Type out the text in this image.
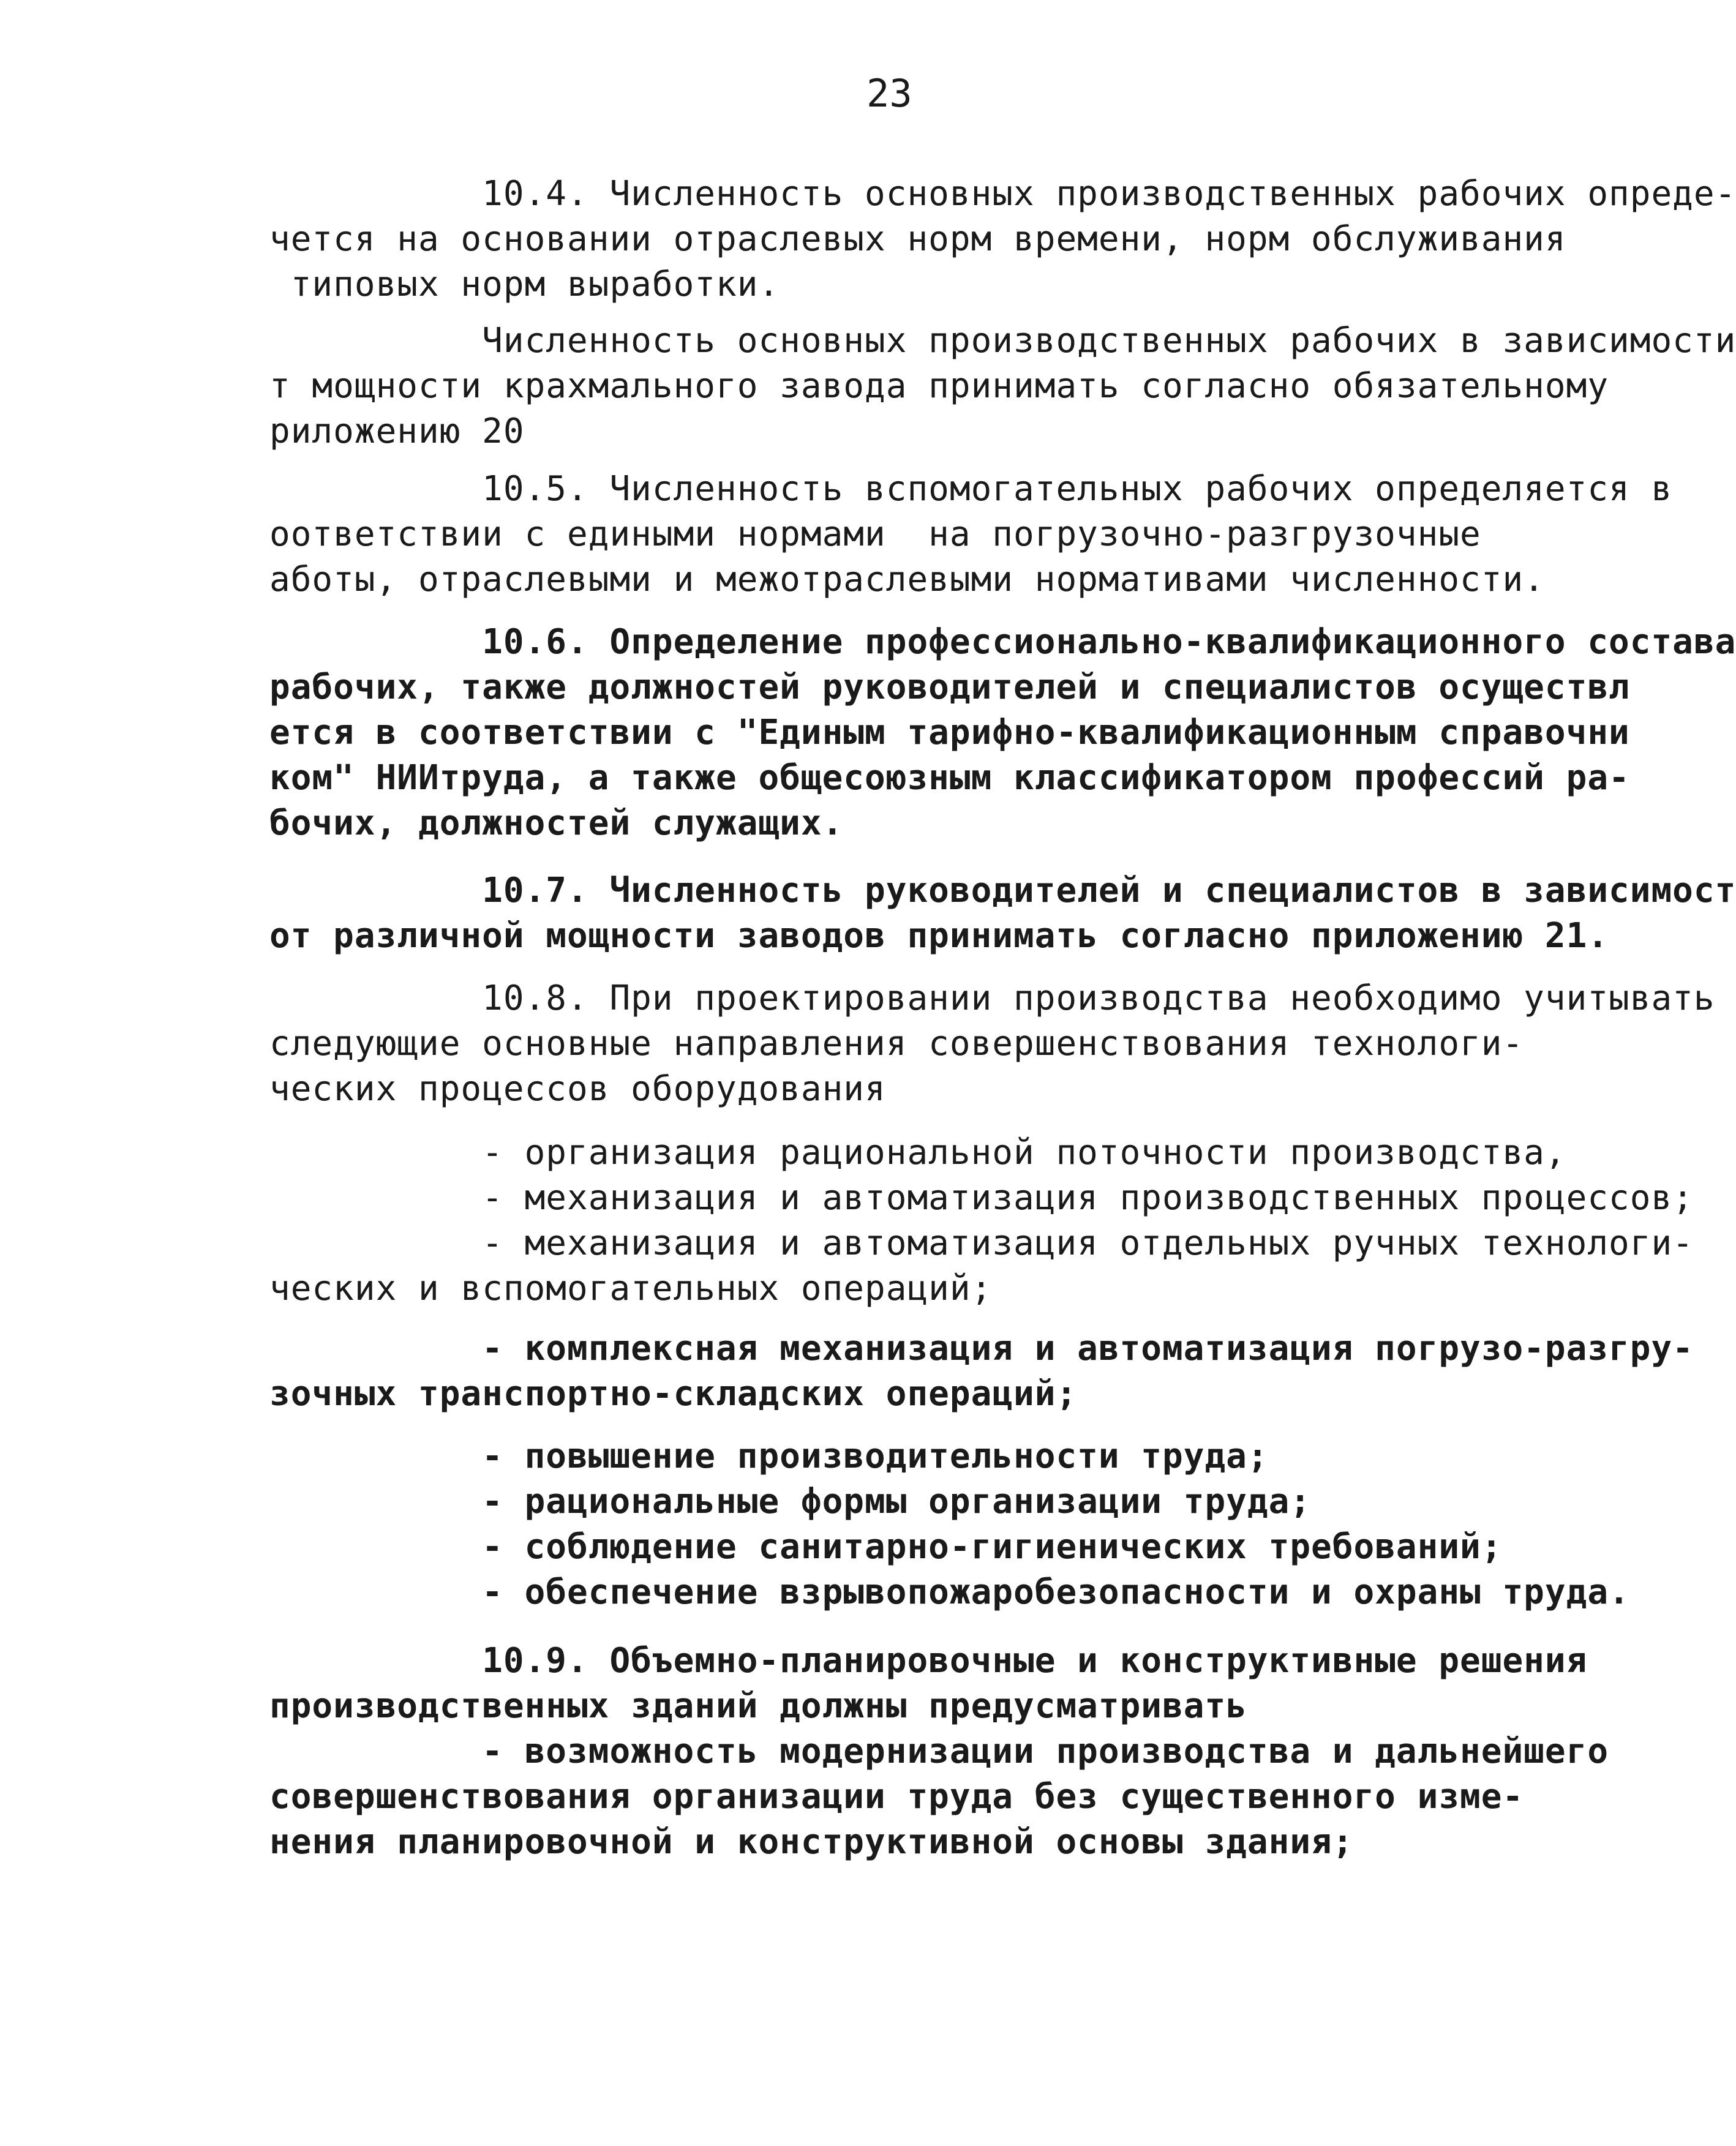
23

10.4. Численность основных производственных рабочих опреде-
чется на основании отраслевых норм времени, норм обслуживания
типовых норм выработки.

Численность основных производственных рабочих в зависимости
т мощности крахмального завода принимать согласно обязательному
риложению 20

10.5. Численность вспомогательных рабочих определяется в
оответствии с едиными нормами  на погрузочно-разгрузочные
аботы, отраслевыми и межотраслевыми нормативами численности.

10.6. Определение профессионально-квалификационного состава
рабочих, также должностей руководителей и специалистов осуществл
ется в соответствии с "Единым тарифно-квалификационным справочни
ком" НИИтруда, а также общесоюзным классификатором профессий ра-
бочих, должностей служащих.

10.7. Численность руководителей и специалистов в зависимост
от различной мощности заводов принимать согласно приложению 21.

10.8. При проектировании производства необходимо учитывать
следующие основные направления совершенствования технологи-
ческих процессов оборудования

- организация рациональной поточности производства,
- механизация и автоматизация производственных процессов;
- механизация и автоматизация отдельных ручных технологи-
ческих и вспомогательных операций;

- комплексная механизация и автоматизация погрузо-разгру-
зочных транспортно-складских операций;

- повышение производительности труда;
- рациональные формы организации труда;
- соблюдение санитарно-гигиенических требований;
- обеспечение взрывопожаробезопасности и охраны труда.

10.9. Объемно-планировочные и конструктивные решения
производственных зданий должны предусматривать
- возможность модернизации производства и дальнейшего
совершенствования организации труда без существенного изме-
нения планировочной и конструктивной основы здания;
